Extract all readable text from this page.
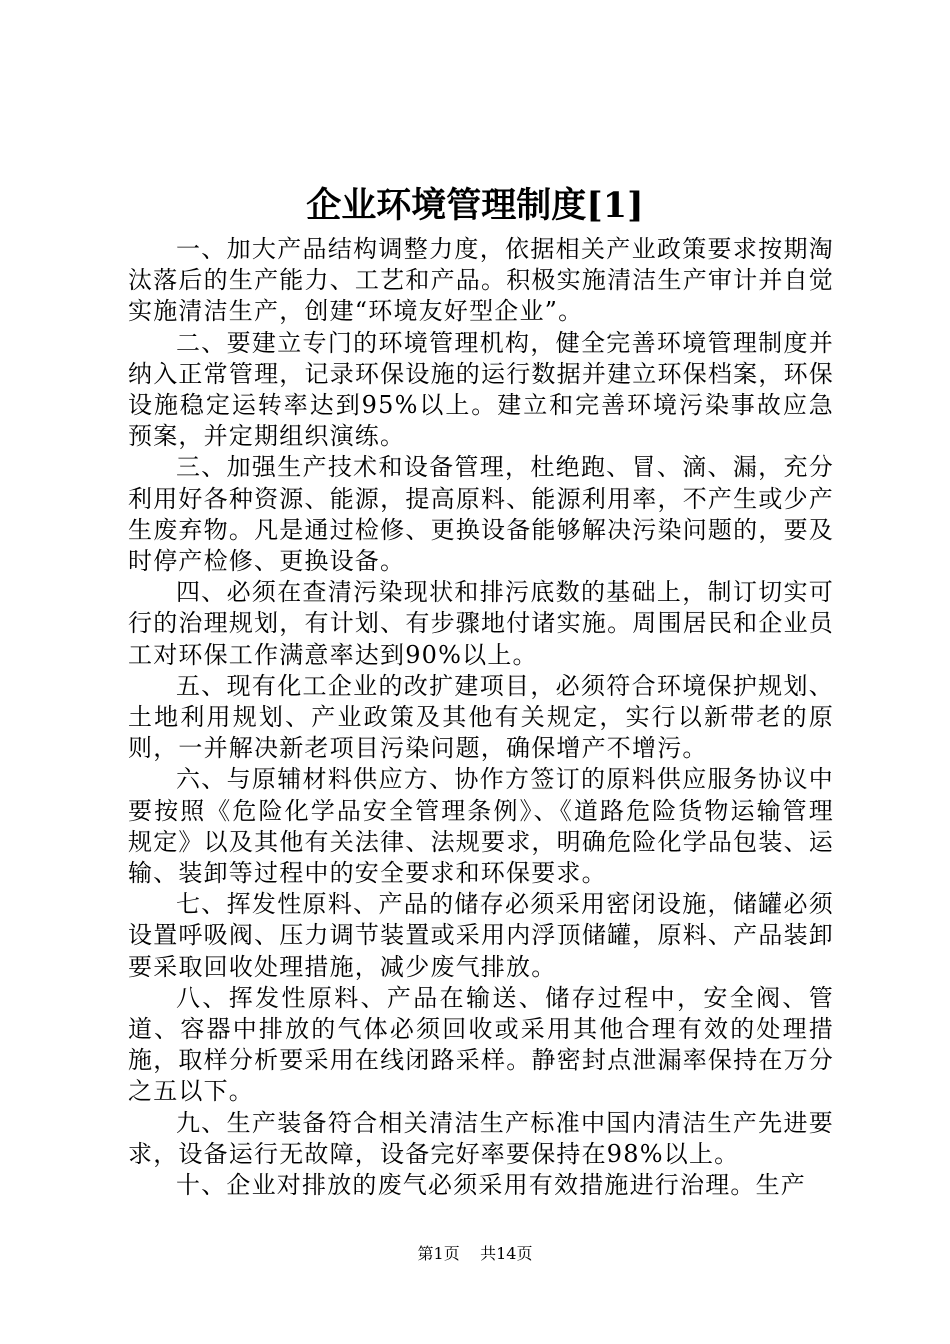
企业环境管理制度[1]

一、加大产品结构调整力度，依据相关产业政策要求按期淘汰落后的生产能力、工艺和产品。积极实施清洁生产审计并自觉实施清洁生产，创建“环境友好型企业”。

二、要建立专门的环境管理机构，健全完善环境管理制度并纳入正常管理，记录环保设施的运行数据并建立环保档案，环保设施稳定运转率达到95%以上。建立和完善环境污染事故应急预案，并定期组织演练。

三、加强生产技术和设备管理，杜绝跑、冒、滴、漏，充分利用好各种资源、能源，提高原料、能源利用率，不产生或少产生废弃物。凡是通过检修、更换设备能够解决污染问题的，要及时停产检修、更换设备。

四、必须在查清污染现状和排污底数的基础上，制订切实可行的治理规划，有计划、有步骤地付诸实施。周围居民和企业员工对环保工作满意率达到90%以上。

五、现有化工企业的改扩建项目，必须符合环境保护规划、土地利用规划、产业政策及其他有关规定，实行以新带老的原则，一并解决新老项目污染问题，确保增产不增污。

六、与原辅材料供应方、协作方签订的原料供应服务协议中要按照《危险化学品安全管理条例》、《道路危险货物运输管理规定》以及其他有关法律、法规要求，明确危险化学品包装、运输、装卸等过程中的安全要求和环保要求。

七、挥发性原料、产品的储存必须采用密闭设施，储罐必须设置呼吸阀、压力调节装置或采用内浮顶储罐，原料、产品装卸要采取回收处理措施，减少废气排放。

八、挥发性原料、产品在输送、储存过程中，安全阀、管道、容器中排放的气体必须回收或采用其他合理有效的处理措施，取样分析要采用在线闭路采样。静密封点泄漏率保持在万分之五以下。

九、生产装备符合相关清洁生产标准中国内清洁生产先进要求，设备运行无故障，设备完好率要保持在98%以上。

十、企业对排放的废气必须采用有效措施进行治理。生产

第1页 共14页
